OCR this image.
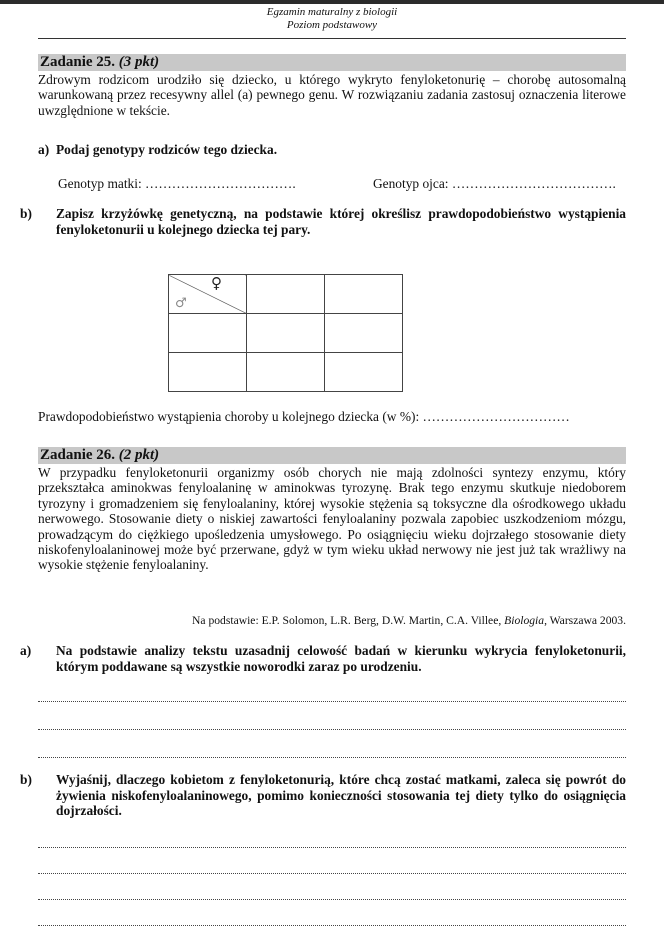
Egzamin maturalny z biologii
Poziom podstawowy
Zadanie 25. (3 pkt)
Zdrowym rodzicom urodziło się dziecko, u którego wykryto fenyloketonurię – chorobę autosomalną warunkowaną przez recesywny allel (a) pewnego genu. W rozwiązaniu zadania zastosuj oznaczenia literowe uwzględnione w tekście.
a) Podaj genotypy rodziców tego dziecka.
Genotyp matki: …………………………….	Genotyp ojca: ……………………………….
b) Zapisz krzyżówkę genetyczną, na podstawie której określisz prawdopodobieństwo wystąpienia fenyloketonurii u kolejnego dziecka tej pary.
♀
♂		

Prawdopodobieństwo wystąpienia choroby u kolejnego dziecka (w %): ……………………………
Zadanie 26. (2 pkt)
W przypadku fenyloketonurii organizmy osób chorych nie mają zdolności syntezy enzymu, który przekształca aminokwas fenyloalaninę w aminokwas tyrozynę. Brak tego enzymu skutkuje niedoborem tyrozyny i gromadzeniem się fenyloalaniny, której wysokie stężenia są toksyczne dla ośrodkowego układu nerwowego. Stosowanie diety o niskiej zawartości fenyloalaniny pozwala zapobiec uszkodzeniom mózgu, prowadzącym do ciężkiego upośledzenia umysłowego. Po osiągnięciu wieku dojrzałego stosowanie diety niskofenyloalaninowej może być przerwane, gdyż w tym wieku układ nerwowy nie jest już tak wrażliwy na wysokie stężenie fenyloalaniny.
Na podstawie: E.P. Solomon, L.R. Berg, D.W. Martin, C.A. Villee, Biologia, Warszawa 2003.
a) Na podstawie analizy tekstu uzasadnij celowość badań w kierunku wykrycia fenyloketonurii, którym poddawane są wszystkie noworodki zaraz po urodzeniu.
b) Wyjaśnij, dlaczego kobietom z fenyloketonurią, które chcą zostać matkami, zaleca się powrót do żywienia niskofenyloalaninowego, pomimo konieczności stosowania tej diety tylko do osiągnięcia dojrzałości.
